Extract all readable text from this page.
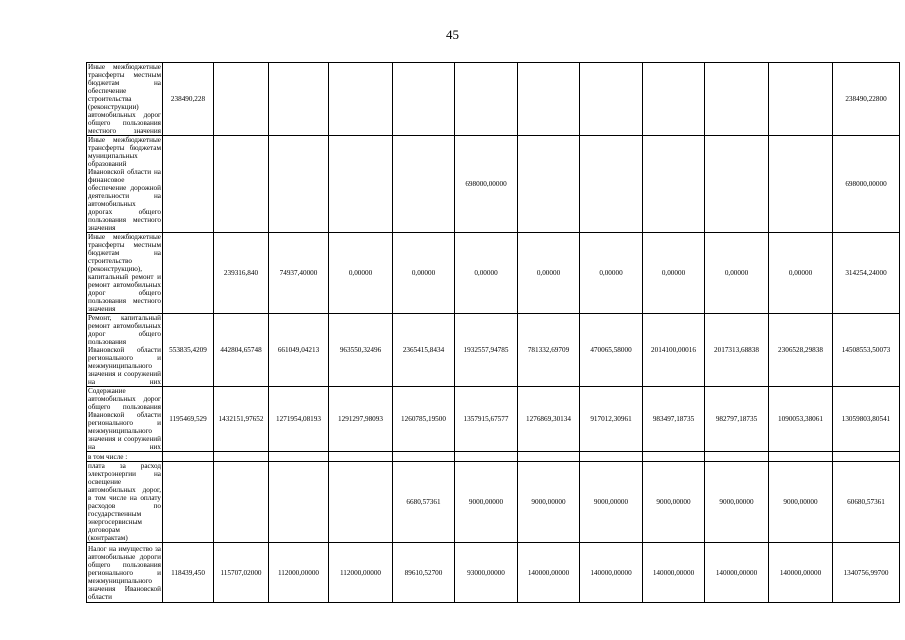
45
Иные межбюджетные трансферты местным бюджетам на обеспечение строительства (реконструкции) автомобильных дорог общего пользования местного значения	238490,228											238490,22800
Иные межбюджетные трансферты бюджетам муниципальных образований Ивановской области на финансовое обеспечение дорожной деятельности на автомобильных дорогах общего пользования местного значения						698000,00000						698000,00000
Иные межбюджетные трансферты местным бюджетам на строительство (реконструкцию), капитальный ремонт и ремонт автомобильных дорог общего пользования местного значения		239316,840	74937,40000	0,00000	0,00000	0,00000	0,00000	0,00000	0,00000	0,00000	0,00000	314254,24000
Ремонт, капитальный ремонт автомобильных дорог общего пользования Ивановской области регионального и межмуниципального значения и сооружений на них	553835,4209	442804,65748	661049,04213	963550,32496	2365415,8434	1932557,94785	781332,69709	470065,58000	2014100,00016	2017313,68838	2306528,29838	14508553,50073
Содержание автомобильных дорог общего пользования Ивановской области регионального и межмуниципального значения и сооружений на них	1195469,529	1432151,97652	1271954,08193	1291297,98093	1260785,19500	1357915,67577	1276869,30134	917012,30961	983497,18735	982797,18735	1090053,38061	13059803,80541
в том числе :												
плата за расход электроэнергии на освещение автомобильных дорог, в том числе на оплату расходов по государственным энергосервисным договорам (контрактам)					6680,57361	9000,00000	9000,00000	9000,00000	9000,00000	9000,00000	9000,00000	60680,57361
Налог на имущество за автомобильные дороги общего пользования регионального и межмуниципального значения Ивановской области	118439,450	115707,02000	112000,00000	112000,00000	89610,52700	93000,00000	140000,00000	140000,00000	140000,00000	140000,00000	140000,00000	1340756,99700
